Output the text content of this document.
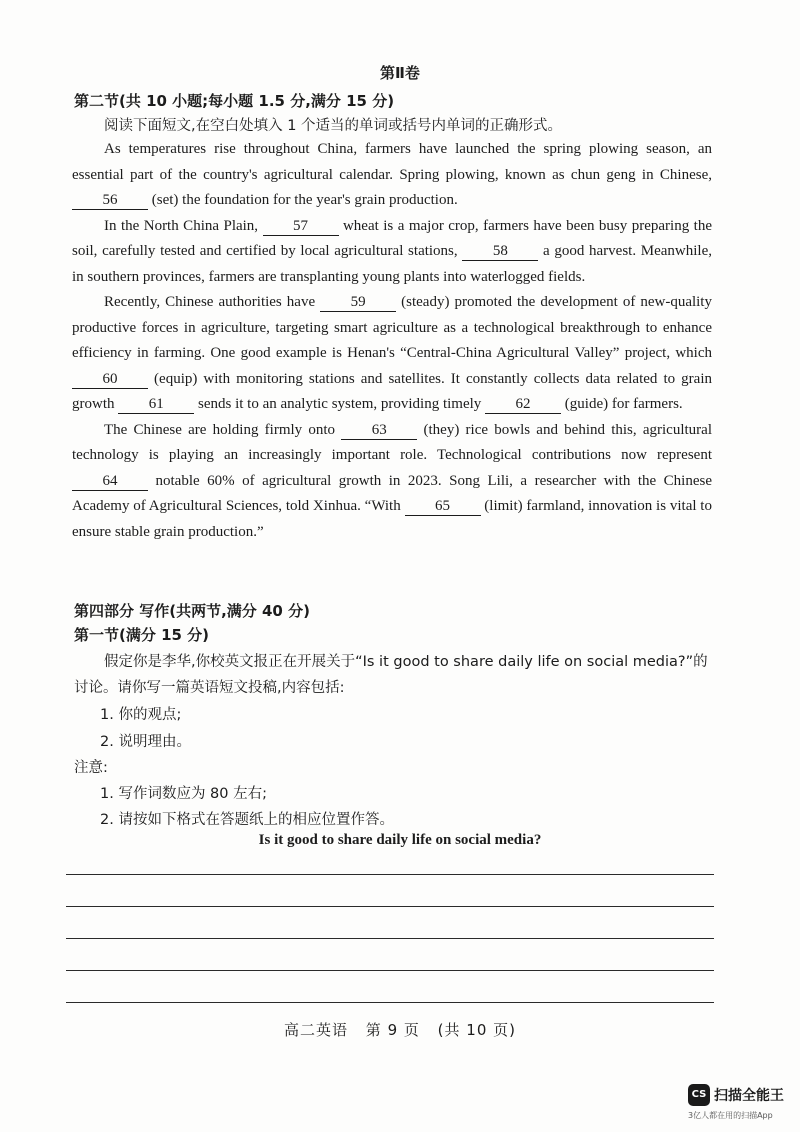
第Ⅱ卷
第二节(共 10 小题;每小题 1.5 分,满分 15 分)
阅读下面短文,在空白处填入 1 个适当的单词或括号内单词的正确形式。

As temperatures rise throughout China, farmers have launched the spring plowing season, an essential part of the country's agricultural calendar. Spring plowing, known as chun geng in Chinese, 56 (set) the foundation for the year's grain production.

In the North China Plain, 57 wheat is a major crop, farmers have been busy preparing the soil, carefully tested and certified by local agricultural stations, 58 a good harvest. Meanwhile, in southern provinces, farmers are transplanting young plants into waterlogged fields.

Recently, Chinese authorities have 59 (steady) promoted the development of new-quality productive forces in agriculture, targeting smart agriculture as a technological breakthrough to enhance efficiency in farming. One good example is Henan's “Central-China Agricultural Valley” project, which 60 (equip) with monitoring stations and satellites. It constantly collects data related to grain growth 61 sends it to an analytic system, providing timely 62 (guide) for farmers.

The Chinese are holding firmly onto 63 (they) rice bowls and behind this, agricultural technology is playing an increasingly important role. Technological contributions now represent 64 notable 60% of agricultural growth in 2023. Song Lili, a researcher with the Chinese Academy of Agricultural Sciences, told Xinhua. “With 65 (limit) farmland, innovation is vital to ensure stable grain production.”

第四部分 写作(共两节,满分 40 分)
第一节(满分 15 分)
假定你是李华,你校英文报正在开展关于“Is it good to share daily life on social media?”的
讨论。请你写一篇英语短文投稿,内容包括:
1. 你的观点;
2. 说明理由。
注意:
1. 写作词数应为 80 左右;
2. 请按如下格式在答题纸上的相应位置作答。
Is it good to share daily life on social media?
高二英语 第 9 页 (共 10 页)
CS 扫描全能王
3亿人都在用的扫描App
